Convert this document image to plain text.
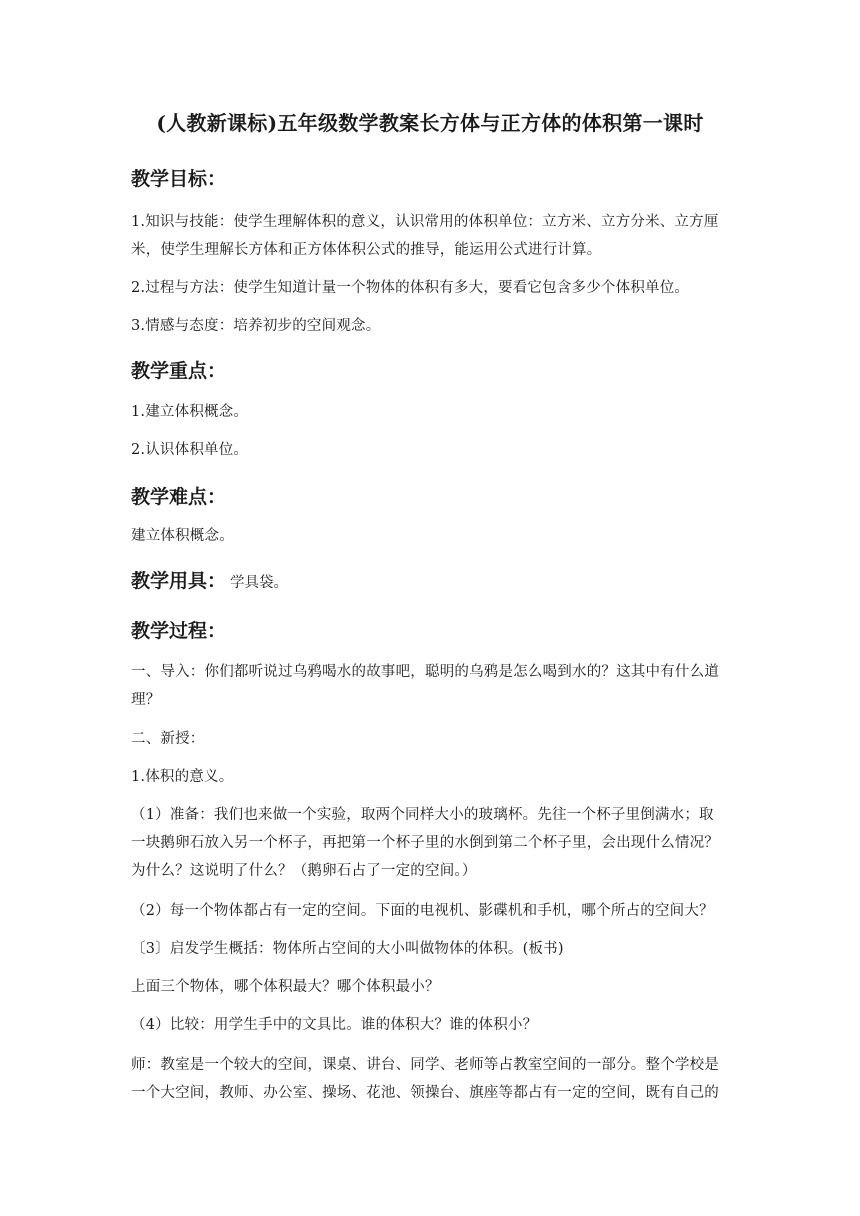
(人教新课标)五年级数学教案长方体与正方体的体积第一课时
教学目标：
1.知识与技能：使学生理解体积的意义，认识常用的体积单位：立方米、立方分米、立方厘
米，使学生理解长方体和正方体体积公式的推导，能运用公式进行计算。
2.过程与方法：使学生知道计量一个物体的体积有多大，要看它包含多少个体积单位。
3.情感与态度：培养初步的空间观念。
教学重点：
1.建立体积概念。
2.认识体积单位。
教学难点：
建立体积概念。
教学用具： 学具袋。
教学过程：
一、导入：你们都听说过乌鸦喝水的故事吧，聪明的乌鸦是怎么喝到水的？这其中有什么道
理？
二、新授：
1.体积的意义。
（1）准备：我们也来做一个实验，取两个同样大小的玻璃杯。先往一个杯子里倒满水；取
一块鹅卵石放入另一个杯子，再把第一个杯子里的水倒到第二个杯子里，会出现什么情况？
为什么？这说明了什么？（鹅卵石占了一定的空间。）
（2）每一个物体都占有一定的空间。下面的电视机、影碟机和手机，哪个所占的空间大？
〔3〕启发学生概括：物体所占空间的大小叫做物体的体积。(板书)
上面三个物体，哪个体积最大？哪个体积最小？
（4）比较：用学生手中的文具比。谁的体积大？谁的体积小？
师：教室是一个较大的空间，课桌、讲台、同学、老师等占教室空间的一部分。整个学校是
一个大空间，教师、办公室、操场、花池、领操台、旗座等都占有一定的空间，既有自己的
